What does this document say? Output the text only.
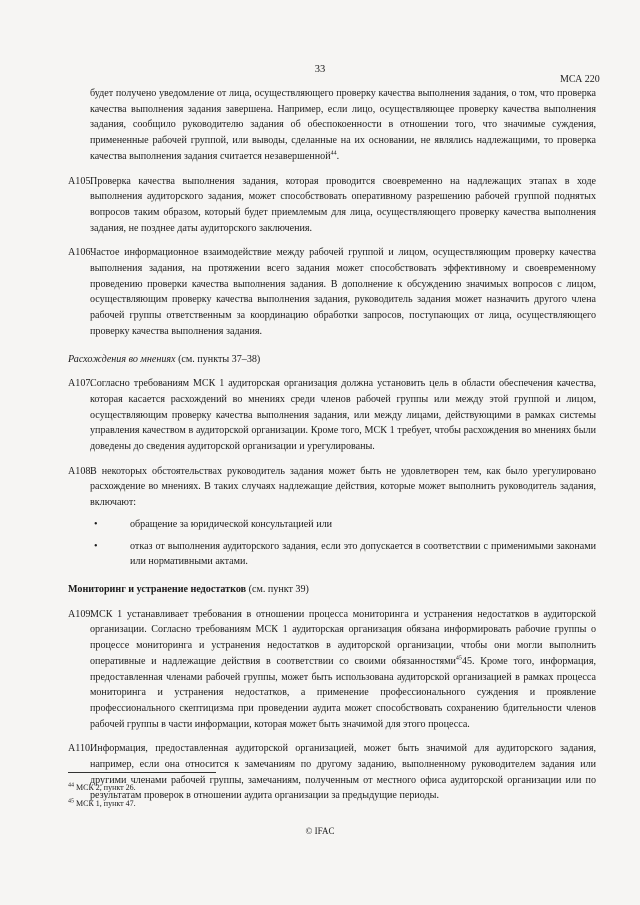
33
МСА 220
будет получено уведомление от лица, осуществляющего проверку качества выполнения задания, о том, что проверка качества выполнения задания завершена. Например, если лицо, осуществляющее проверку качества выполнения задания, сообщило руководителю задания об обеспокоенности в отношении того, что значимые суждения, примененные рабочей группой, или выводы, сделанные на их основании, не являлись надлежащими, то проверка качества выполнения задания считается незавершенной$^{44}$.
A105.
Проверка качества выполнения задания, которая проводится своевременно на надлежащих этапах в ходе выполнения аудиторского задания, может способствовать оперативному разрешению рабочей группой поднятых вопросов таким образом, который будет приемлемым для лица, осуществляющего проверку качества выполнения задания, не позднее даты аудиторского заключения.
A106.
Частое информационное взаимодействие между рабочей группой и лицом, осуществляющим проверку качества выполнения задания, на протяжении всего задания может способствовать эффективному и своевременному проведению проверки качества выполнения задания. В дополнение к обсуждению значимых вопросов с лицом, осуществляющим проверку качества выполнения задания, руководитель задания может назначить другого члена рабочей группы ответственным за координацию обработки запросов, поступающих от лица, осуществляющего проверку качества выполнения задания.
Расхождения во мнениях (см. пункты 37–38)
A107.
Согласно требованиям МСК 1 аудиторская организация должна установить цель в области обеспечения качества, которая касается расхождений во мнениях среди членов рабочей группы или между этой группой и лицом, осуществляющим проверку качества выполнения задания, или между лицами, действующими в рамках системы управления качеством в аудиторской организации. Кроме того, МСК 1 требует, чтобы расхождения во мнениях были доведены до сведения аудиторской организации и урегулированы.
A108.
В некоторых обстоятельствах руководитель задания может быть не удовлетворен тем, как было урегулировано расхождение во мнениях. В таких случаях надлежащие действия, которые может выполнить руководитель задания, включают:
•	обращение за юридической консультацией или
•	отказ от выполнения аудиторского задания, если это допускается в соответствии с применимыми законами или нормативными актами.
Мониторинг и устранение недостатков (см. пункт 39)
A109.
МСК 1 устанавливает требования в отношении процесса мониторинга и устранения недостатков в аудиторской организации. Согласно требованиям МСК 1 аудиторская организация обязана информировать рабочие группы о процессе мониторинга и устранения недостатков в аудиторской организации, чтобы они могли выполнить оперативные и надлежащие действия в соответствии со своими обязанностями$^{45}$45. Кроме того, информация, предоставленная членами рабочей группы, может быть использована аудиторской организацией в рамках процесса мониторинга и устранения недостатков, а применение профессионального суждения и проявление профессионального скептицизма при проведении аудита может способствовать сохранению бдительности членов рабочей группы в части информации, которая может быть значимой для этого процесса.
A110.
Информация, предоставленная аудиторской организацией, может быть значимой для аудиторского задания, например, если она относится к замечаниям по другому заданию, выполненному руководителем задания или другими членами рабочей группы, замечаниям, полученным от местного офиса аудиторской организации или по результатам проверок в отношении аудита организации за предыдущие периоды.
$^{44}$ МСК 2, пункт 26.
$^{45}$ МСК 1, пункт 47.
© IFAC
